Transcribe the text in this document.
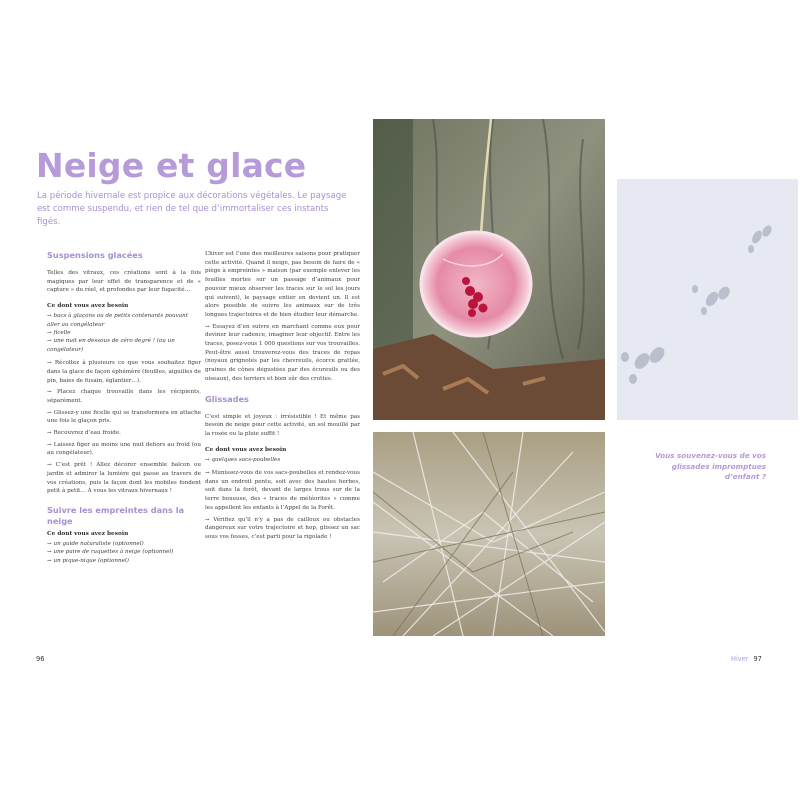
Neige et glace

La période hivernale est propice aux décorations végétales. Le paysage est comme suspendu, et rien de tel que d’immortaliser ces instants figés.

Suspensions glacées

Telles des vitraux, ces créations sont à la fois magiques par leur effet de transparence et de « capture » du réel, et profondes par leur fugacité…

Ce dont vous avez besoin
→ bacs à glaçons ou de petits contenants pouvant aller au congélateur
→ ficelle
→ une nuit en dessous de zéro degré ! (ou un congélateur)

→ Récoltez à plusieurs ce que vous souhaitez figer dans la glace de façon éphémère (feuilles, aiguilles de pin, baies de fusain, églantier…).

→ Placez chaque trouvaille dans les récipients, séparément.

→ Glissez-y une ficelle qui se transformera en attache une fois le glaçon pris.

→ Recouvrez d’eau froide.

→ Laissez figer au moins une nuit dehors au froid (ou au congélateur).

→ C’est prêt ! Allez décorer ensemble balcon ou jardin et admirer la lumière qui passe au travers de vos créations, puis la façon dont les mobiles fondent petit à petit… À vous les vitraux hivernaux !

Suivre les empreintes dans la neige
Ce dont vous avez besoin
→ un guide naturaliste (optionnel)
→ une paire de raquettes à neige (optionnel)
→ un pique-nique (optionnel)

L’hiver est l’une des meilleures saisons pour pratiquer cette activité. Quand il neige, pas besoin de faire de « piège à empreintes » maison (par exemple enlever les feuilles mortes sur un passage d’animaux pour pouvoir mieux observer les traces sur le sol les jours qui suivent), le paysage entier en devient un. Il est alors possible de suivre les animaux sur de très longues trajectoires et de bien étudier leur démarche.

→ Essayez d’en suivre en marchant comme eux pour deviner leur cadence, imaginer leur objectif. Entre les traces, posez-vous 1 000 questions sur vos trouvailles. Peut-être aussi trouverez-vous des traces de repas (noyaux grignotés par les chevreuils, écorce grattée, graines de cônes dégustées par des écureuils ou des oiseaux), des terriers et bien sûr des crottes.

Glissades

C’est simple et joyeux : irrésistible ! Et même pas besoin de neige pour cette activité, un sol mouillé par la rosée ou la pluie suffit !

Ce dont vous avez besoin
→ quelques sacs-poubelles

→ Munissez-vous de vos sacs-poubelles et rendez-vous dans un endroit pentu, soit avec des hautes herbes, soit dans la forêt, devant de larges trous sur de la terre boueuse, des « traces de météorites » comme les appellent les enfants à l’Appel de la Forêt.

→ Vérifiez qu’il n’y a pas de cailloux ou obstacles dangereux sur votre trajectoire et hop, glissez un sac sous vos fesses, c’est parti pour la rigolade !

Vous souvenez-vous de vos glissades impromptues d’enfant ?

96	Hiver 97
